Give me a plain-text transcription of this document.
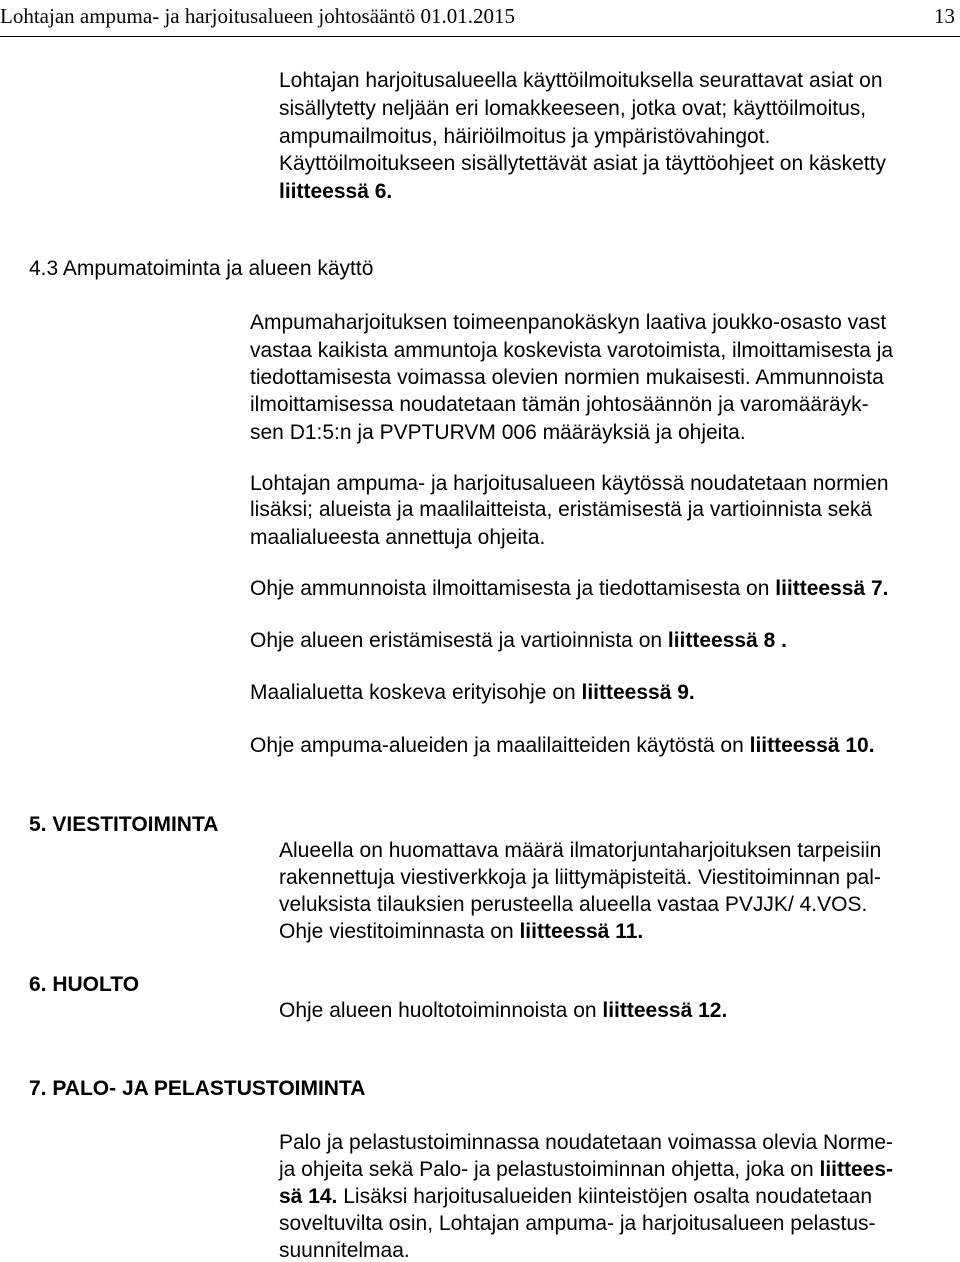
Lohtajan ampuma- ja harjoitusalueen johtosääntö 01.01.2015	13
Lohtajan harjoitusalueella käyttöilmoituksella seurattavat asiat on
sisällytetty neljään eri lomakkeeseen, jotka ovat; käyttöilmoitus,
ampumailmoitus, häiriöilmoitus ja ympäristövahingot.
Käyttöilmoitukseen sisällytettävät asiat ja täyttöohjeet on käsketty
liitteessä 6.
4.3 Ampumatoiminta ja alueen käyttö
Ampumaharjoituksen toimeenpanokäskyn laativa joukko-osasto vast
vastaa kaikista ammuntoja koskevista varotoimista, ilmoittamisesta ja
tiedottamisesta voimassa olevien normien mukaisesti. Ammunnoista
ilmoittamisessa noudatetaan tämän johtosäännön ja varomääräyk-
sen D1:5:n ja PVPTURVM 006 määräyksiä ja ohjeita.
Lohtajan ampuma- ja harjoitusalueen käytössä noudatetaan normien
lisäksi; alueista ja maalilaitteista, eristämisestä ja vartioinnista sekä
maalialueesta annettuja ohjeita.
Ohje ammunnoista ilmoittamisesta ja tiedottamisesta on liitteessä 7.
Ohje alueen eristämisestä ja vartioinnista on liitteessä 8 .
Maalialuetta koskeva erityisohje on liitteessä 9.
Ohje ampuma-alueiden ja maalilaitteiden käytöstä on liitteessä 10.
5. VIESTITOIMINTA
Alueella on huomattava määrä ilmatorjuntaharjoituksen tarpeisiin
rakennettuja viestiverkkoja ja liittymäpisteitä. Viestitoiminnan pal-
veluksista tilauksien perusteella alueella vastaa PVJJK/ 4.VOS.
Ohje viestitoiminnasta on liitteessä 11.
6. HUOLTO
Ohje alueen huoltotoiminnoista on liitteessä 12.
7. PALO- JA PELASTUSTOIMINTA
Palo ja pelastustoiminnassa noudatetaan voimassa olevia Norme-
ja ohjeita sekä Palo- ja pelastustoiminnan ohjetta, joka on liittees-
sä 14. Lisäksi harjoitusalueiden kiinteistöjen osalta noudatetaan
soveltuvilta osin, Lohtajan ampuma- ja harjoitusalueen pelastus-
suunnitelmaa.
